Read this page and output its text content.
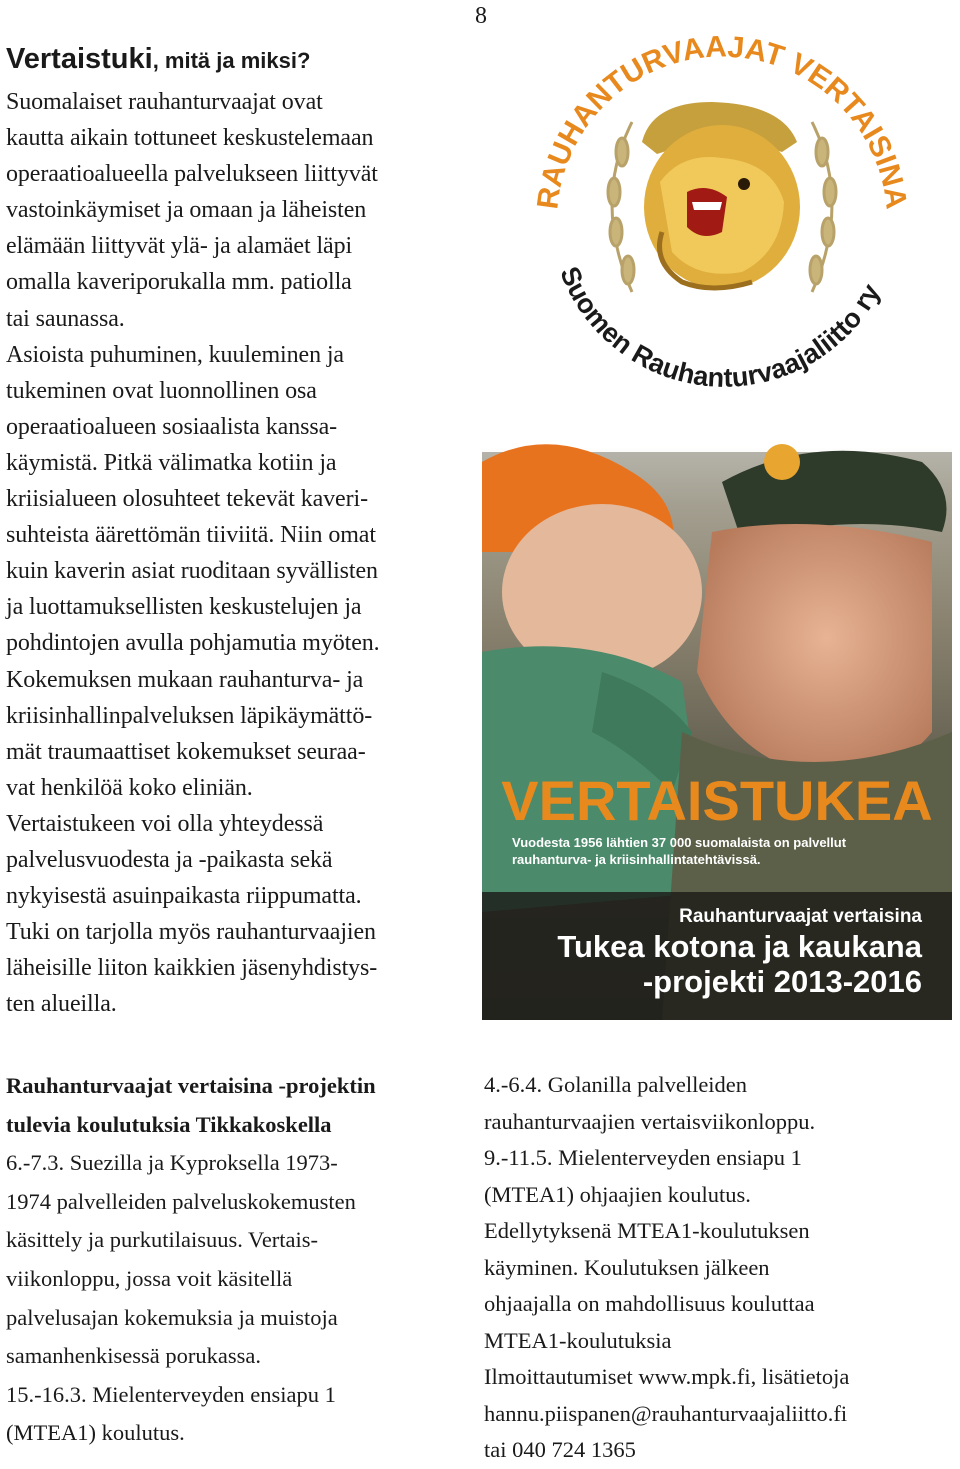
8
Vertaistuki, mitä ja miksi?
Suomalaiset rauhanturvaajat ovat
kautta aikain tottuneet keskustelemaan
operaatioalueella palvelukseen liittyvät
vastoinkäymiset ja omaan ja läheisten
elämään liittyvät ylä- ja alamäet läpi
omalla kaveriporukalla mm. patiolla
tai saunassa.
Asioista puhuminen, kuuleminen ja
tukeminen ovat luonnollinen osa
operaatioalueen sosiaalista kanssa-
käymistä. Pitkä välimatka kotiin ja
kriisialueen olosuhteet tekevät kaveri-
suhteista äärettömän tiiviitä. Niin omat
kuin kaverin asiat ruoditaan syvällisten
ja luottamuksellisten keskustelujen ja
pohdintojen avulla pohjamutia myöten.
Kokemuksen mukaan rauhanturva- ja
kriisinhallinpalveluksen läpikäymättö-
mät traumaattiset kokemukset seuraa-
vat henkilöä koko eliniän.
Vertaistukeen voi olla yhteydessä
palvelusvuodesta ja -paikasta sekä
nykyisestä asuinpaikasta riippumatta.
Tuki on tarjolla myös rauhanturvaajien
läheisille liiton kaikkien jäsenyhdistys-
ten alueilla.
RAUHANTURVAAJAT VERTAISINA
Suomen Rauhanturvaajaliitto ry
VERTAISTUKEA
Vuodesta 1956 lähtien 37 000 suomalaista on palvellut
rauhanturva- ja kriisinhallintatehtävissä.
Rauhanturvaajat vertaisina
Tukea kotona ja kaukana
-projekti 2013-2016
Rauhanturvaajat vertaisina -projektin
tulevia koulutuksia Tikkakoskella
6.-7.3. Suezilla ja Kyproksella 1973-
1974 palvelleiden palveluskokemusten
käsittely ja purkutilaisuus. Vertais-
viikonloppu, jossa voit käsitellä
palvelusajan kokemuksia ja muistoja
samanhenkisessä porukassa.
15.-16.3. Mielenterveyden ensiapu 1
(MTEA1) koulutus.
4.-6.4. Golanilla palvelleiden
rauhanturvaajien vertaisviikonloppu.
9.-11.5. Mielenterveyden ensiapu 1
(MTEA1) ohjaajien koulutus.
Edellytyksenä MTEA1-koulutuksen
käyminen. Koulutuksen jälkeen
ohjaajalla on mahdollisuus kouluttaa
MTEA1-koulutuksia
Ilmoittautumiset www.mpk.fi, lisätietoja
hannu.piispanen@rauhanturvaajaliitto.fi
tai 040 724 1365
